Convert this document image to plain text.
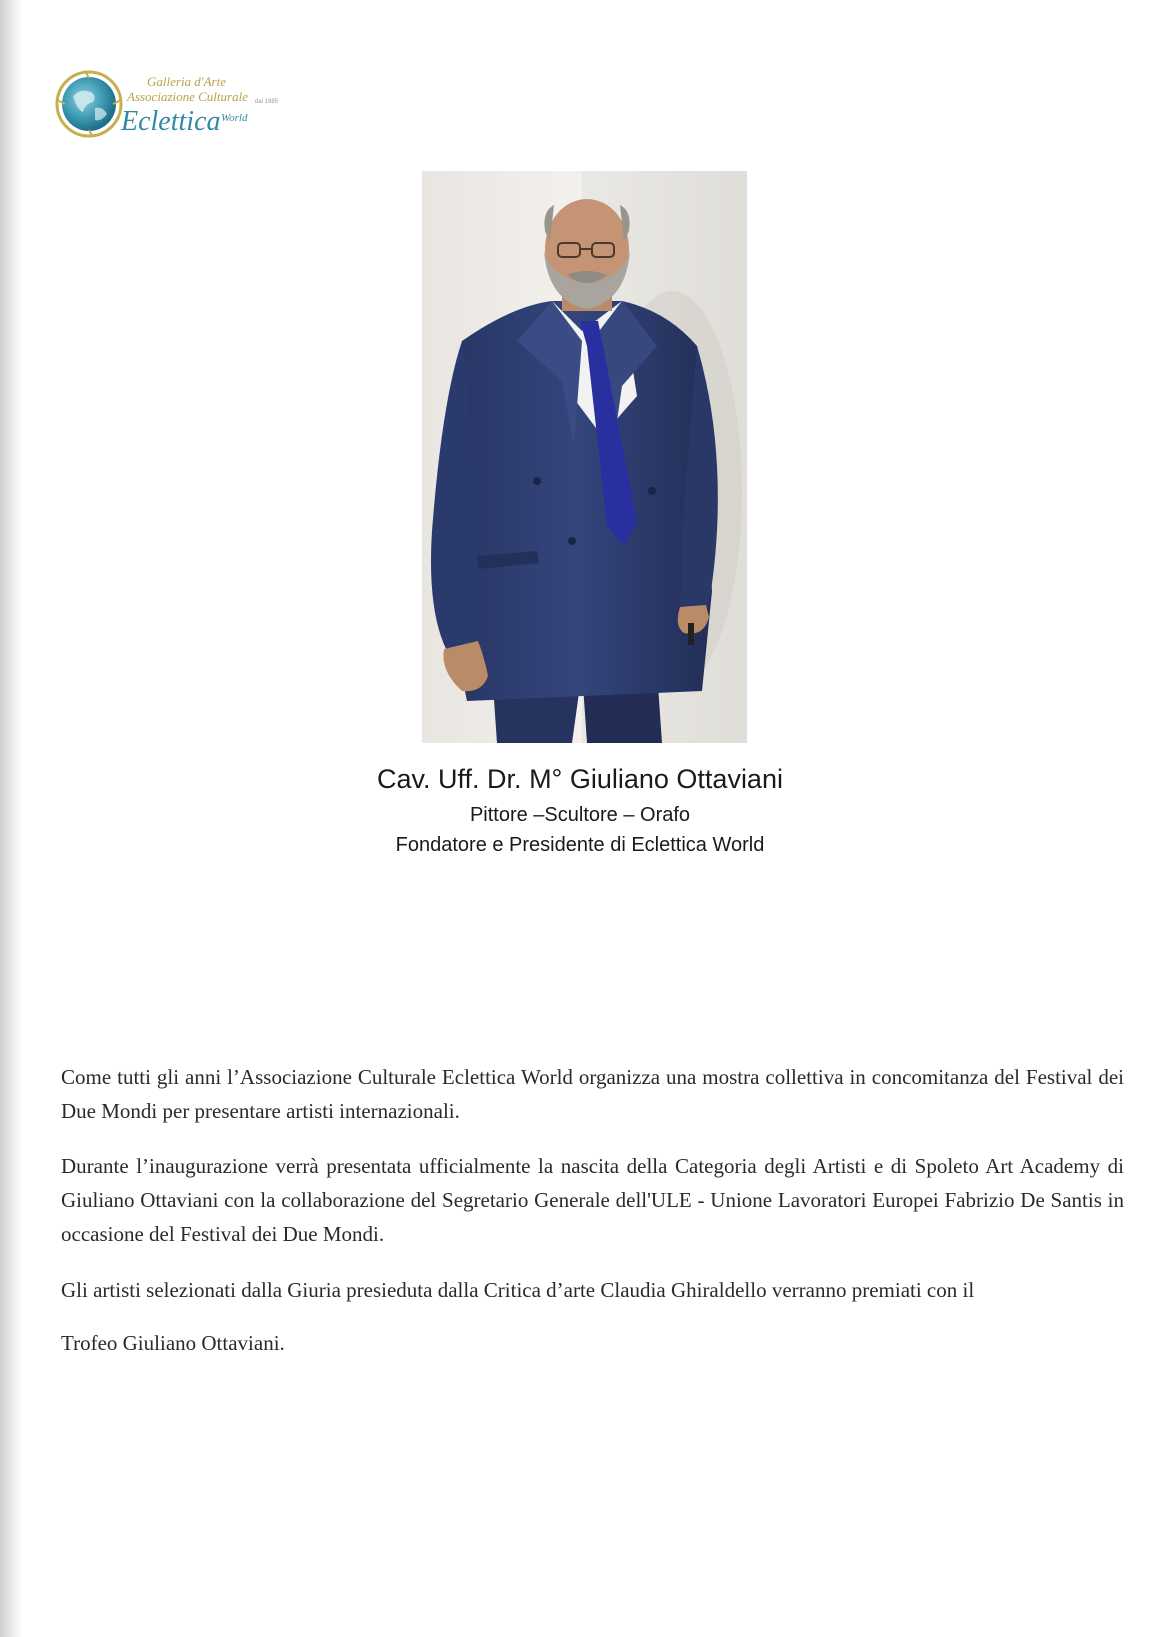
Galleria d'Arte
Associazione Culturale dal 1985
Eclettica World
Cav. Uff. Dr. M° Giuliano Ottaviani
Pittore –Scultore – Orafo
Fondatore e Presidente di Eclettica World

Come tutti gli anni l’Associazione Culturale Eclettica World organizza una mostra collettiva in concomitanza del Festival dei Due Mondi per presentare artisti internazionali.

Durante l’inaugurazione verrà presentata ufficialmente la nascita della Categoria degli Artisti e di Spoleto Art Academy di Giuliano Ottaviani con la collaborazione del Segretario Generale dell'ULE - Unione Lavoratori Europei Fabrizio De Santis in occasione del Festival dei Due Mondi.

Gli artisti selezionati dalla Giuria presieduta dalla Critica d’arte Claudia Ghiraldello verranno premiati con il

Trofeo Giuliano Ottaviani.
